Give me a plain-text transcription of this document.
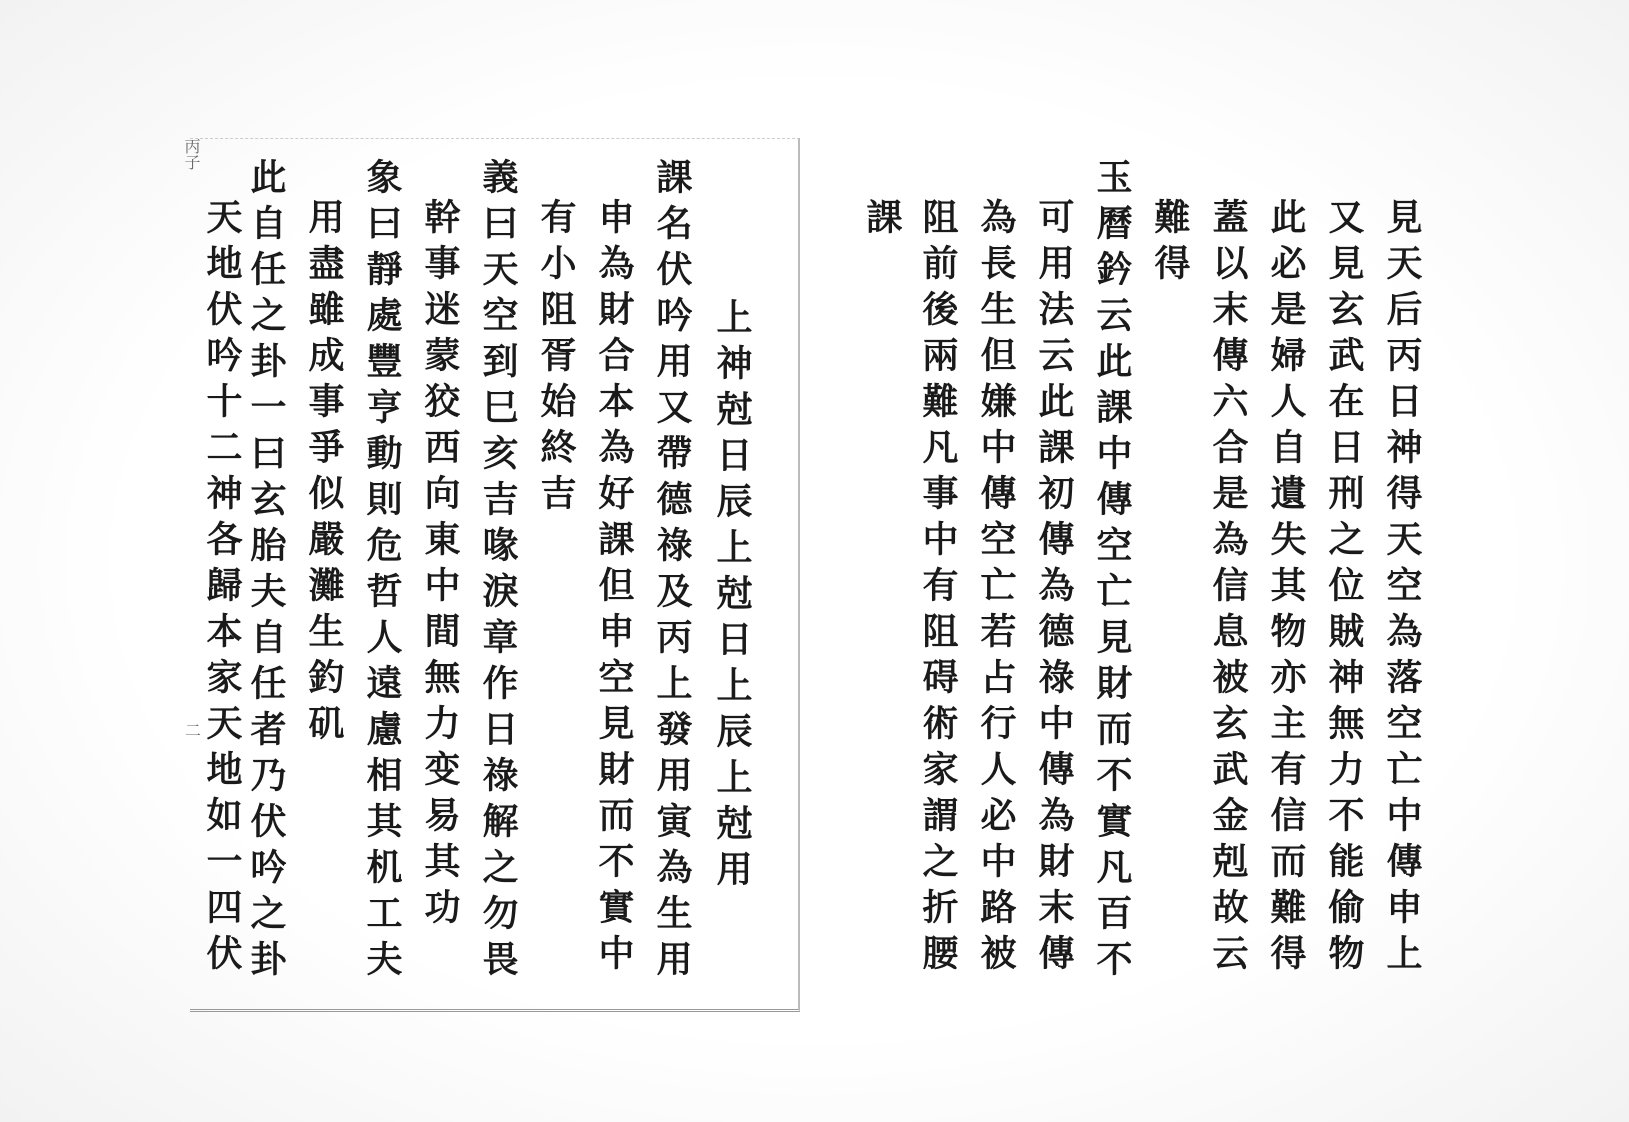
丙子
二	上神尅日辰上尅日上辰上尅用
課名伏吟用又帶德祿及丙上發用寅為生用
申為財合本為好課但申空見財而不實中
有小阻胥始終吉
義曰天空到巳亥吉喙淚章作日祿解之勿畏
幹事迷蒙狡西向東中間無力变易其功
象曰靜處豐亨動則危哲人遠慮相其机工夫
用盡雖成事爭似嚴灘生釣矶
此自任之卦一曰玄胎夫自任者乃伏吟之卦
天地伏吟十二神各歸本家天地如一四伏	見天后丙日神得天空為落空亡中傳申上
又見玄武在日刑之位賊神無力不能偷物
此必是婦人自遺失其物亦主有信而難得
蓋以末傳六合是為信息被玄武金剋故云
難得
玉曆鈐云此課中傳空亡見財而不實凡百不
可用法云此課初傳為德祿中傳為財末傳
為長生但嫌中傳空亡若占行人必中路被
阻前後兩難凡事中有阻碍術家謂之折腰
課
